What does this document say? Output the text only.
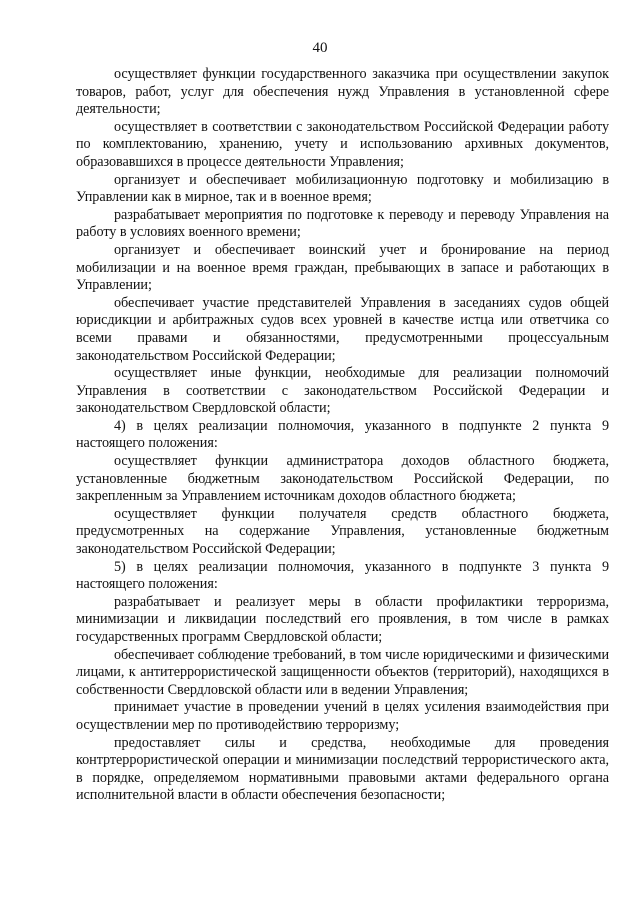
40

осуществляет функции государственного заказчика при осуществлении закупок товаров, работ, услуг для обеспечения нужд Управления в установленной сфере деятельности;

осуществляет в соответствии с законодательством Российской Федерации работу по комплектованию, хранению, учету и использованию архивных документов, образовавшихся в процессе деятельности Управления;

организует и обеспечивает мобилизационную подготовку и мобилизацию в Управлении как в мирное, так и в военное время;

разрабатывает мероприятия по подготовке к переводу и переводу Управления на работу в условиях военного времени;

организует и обеспечивает воинский учет и бронирование на период мобилизации и на военное время граждан, пребывающих в запасе и работающих в Управлении;

обеспечивает участие представителей Управления в заседаниях судов общей юрисдикции и арбитражных судов всех уровней в качестве истца или ответчика со всеми правами и обязанностями, предусмотренными процессуальным законодательством Российской Федерации;

осуществляет иные функции, необходимые для реализации полномочий Управления в соответствии с законодательством Российской Федерации и законодательством Свердловской области;

4) в целях реализации полномочия, указанного в подпункте 2 пункта 9 настоящего положения:

осуществляет функции администратора доходов областного бюджета, установленные бюджетным законодательством Российской Федерации, по закрепленным за Управлением источникам доходов областного бюджета;

осуществляет функции получателя средств областного бюджета, предусмотренных на содержание Управления, установленные бюджетным законодательством Российской Федерации;

5) в целях реализации полномочия, указанного в подпункте 3 пункта 9 настоящего положения:

разрабатывает и реализует меры в области профилактики терроризма, минимизации и ликвидации последствий его проявления, в том числе в рамках государственных программ Свердловской области;

обеспечивает соблюдение требований, в том числе юридическими и физическими лицами, к антитеррористической защищенности объектов (территорий), находящихся в собственности Свердловской области или в ведении Управления;

принимает участие в проведении учений в целях усиления взаимодействия при осуществлении мер по противодействию терроризму;

предоставляет силы и средства, необходимые для проведения контртеррористической операции и минимизации последствий террористического акта, в порядке, определяемом нормативными правовыми актами федерального органа исполнительной власти в области обеспечения безопасности;
